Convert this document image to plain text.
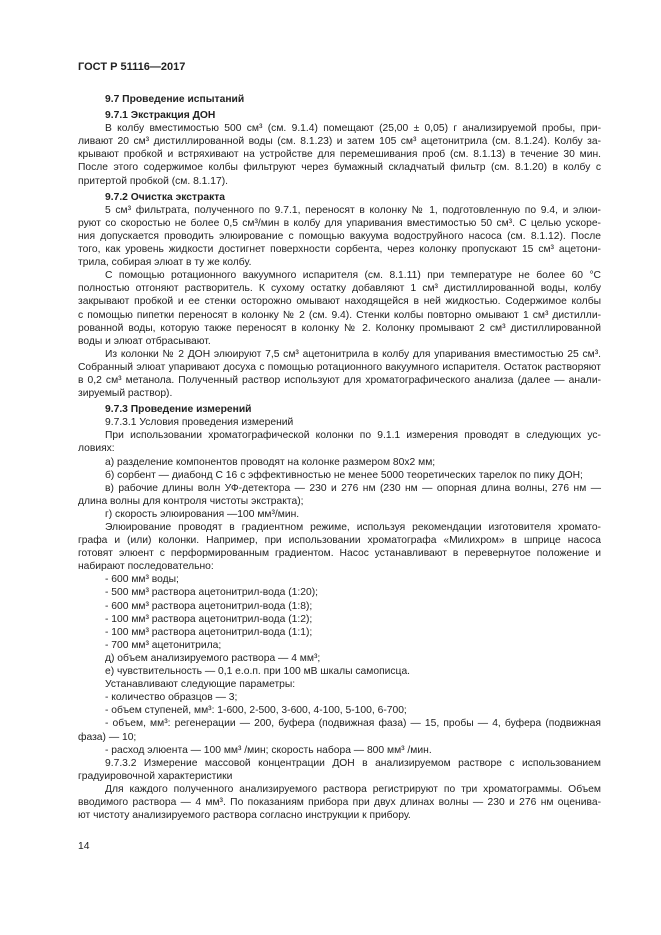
ГОСТ Р 51116—2017
9.7 Проведение испытаний
9.7.1 Экстракция ДОН
В колбу вместимостью 500 см³ (см. 9.1.4) помещают (25,00 ± 0,05) г анализируемой пробы, при-
ливают 20 см³ дистиллированной воды (см. 8.1.23) и затем 105 см³ ацетонитрила (см. 8.1.24). Колбу за-
крывают пробкой и встряхивают на устройстве для перемешивания проб (см. 8.1.13) в течение 30 мин.
После этого содержимое колбы фильтруют через бумажный складчатый фильтр (см. 8.1.20) в колбу с
притертой пробкой (см. 8.1.17).
9.7.2 Очистка экстракта
5 см³ фильтрата, полученного по 9.7.1, переносят в колонку № 1, подготовленную по 9.4, и элюи-
руют со скоростью не более 0,5 см³/мин в колбу для упаривания вместимостью 50 см³. С целью ускоре-
ния допускается проводить элюирование с помощью вакуума водоструйного насоса (см. 8.1.12). После
того, как уровень жидкости достигнет поверхности сорбента, через колонку пропускают 15 см³ ацетони-
трила, собирая элюат в ту же колбу.
С помощью ротационного вакуумного испарителя (см. 8.1.11) при температуре не более 60 °С
полностью отгоняют растворитель. К сухому остатку добавляют 1 см³ дистиллированной воды, колбу
закрывают пробкой и ее стенки осторожно омывают находящейся в ней жидкостью. Содержимое колбы
с помощью пипетки переносят в колонку № 2 (см. 9.4). Стенки колбы повторно омывают 1 см³ дистилли-
рованной воды, которую также переносят в колонку № 2. Колонку промывают 2 см³ дистиллированной
воды и элюат отбрасывают.
Из колонки № 2 ДОН элюируют 7,5 см³ ацетонитрила в колбу для упаривания вместимостью 25 см³.
Собранный элюат упаривают досуха с помощью ротационного вакуумного испарителя. Остаток растворяют
в 0,2 см³ метанола. Полученный раствор используют для хроматографического анализа (далее — анали-
зируемый раствор).
9.7.3 Проведение измерений
9.7.3.1 Условия проведения измерений
При использовании хроматографической колонки по 9.1.1 измерения проводят в следующих ус-
ловиях:
а) разделение компонентов проводят на колонке размером 80x2 мм;
б) сорбент — диабонд С 16 с эффективностью не менее 5000 теоретических тарелок по пику ДОН;
в) рабочие длины волн УФ-детектора — 230 и 276 нм (230 нм — опорная длина волны, 276 нм —
длина волны для контроля чистоты экстракта);
г) скорость элюирования —100 мм³/мин.
Элюирование проводят в градиентном режиме, используя рекомендации изготовителя хромато-
графа и (или) колонки. Например, при использовании хроматографа «Милихром» в шприце насоса
готовят элюент с перформированным градиентом. Насос устанавливают в перевернутое положение и
набирают последовательно:
- 600 мм³ воды;
- 500 мм³ раствора ацетонитрил-вода (1:20);
- 600 мм³ раствора ацетонитрил-вода (1:8);
- 100 мм³ раствора ацетонитрил-вода (1:2);
- 100 мм³ раствора ацетонитрил-вода (1:1);
- 700 мм³ ацетонитрила;
д) объем анализируемого раствора — 4 мм³;
е) чувствительность — 0,1 е.о.п. при 100 мВ шкалы самописца.
Устанавливают следующие параметры:
- количество образцов — 3;
- объем ступеней, мм³: 1-600, 2-500, 3-600, 4-100, 5-100, 6-700;
- объем, мм³: регенерации — 200, буфера (подвижная фаза) — 15, пробы — 4, буфера (подвижная
фаза) — 10;
- расход элюента — 100 мм³ /мин; скорость набора — 800 мм³ /мин.
9.7.3.2 Измерение массовой концентрации ДОН в анализируемом растворе с использованием
градуировочной характеристики
Для каждого полученного анализируемого раствора регистрируют по три хроматограммы. Объем
вводимого раствора — 4 мм³. По показаниям прибора при двух длинах волны — 230 и 276 нм оценива-
ют чистоту анализируемого раствора согласно инструкции к прибору.
14
